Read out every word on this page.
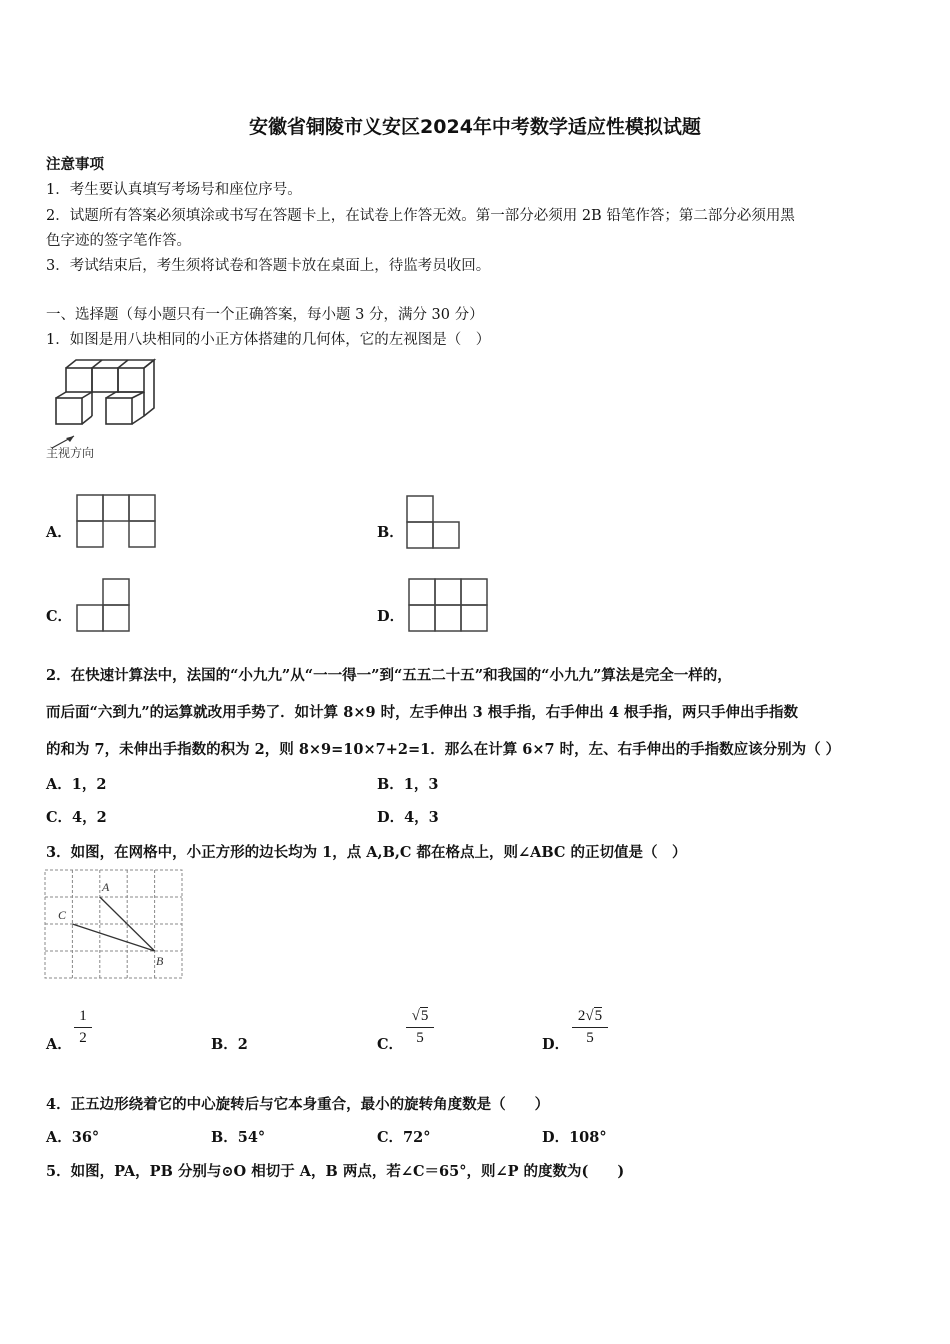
安徽省铜陵市义安区2024年中考数学适应性模拟试题
注意事项
1．考生要认真填写考场号和座位序号。
2．试题所有答案必须填涂或书写在答题卡上，在试卷上作答无效。第一部分必须用 2B 铅笔作答；第二部分必须用黑
色字迹的签字笔作答。
3．考试结束后，考生须将试卷和答题卡放在桌面上，待监考员收回。
一、选择题（每小题只有一个正确答案，每小题 3 分，满分 30 分）
1．如图是用八块相同的小正方体搭建的几何体，它的左视图是（　）
主视方向
A．	B．
C．	D．
2．在快速计算法中，法国的“小九九”从“一一得一”到“五五二十五”和我国的“小九九”算法是完全一样的，
而后面“六到九”的运算就改用手势了．如计算 8×9 时，左手伸出 3 根手指，右手伸出 4 根手指，两只手伸出手指数
的和为 7，未伸出手指数的积为 2，则 8×9=10×7+2=1．那么在计算 6×7 时，左、右手伸出的手指数应该分别为（ ）
A．1，2	B．1，3
C．4，2	D．4，3
3．如图，在网格中，小正方形的边长均为 1，点 A,B,C 都在格点上，则∠ABC 的正切值是（　）
A
C
B
A． $\frac{1}{2}$	B．2	C． $\frac{√5}{5}$	D． $\frac{2√5}{5}$
4．正五边形绕着它的中心旋转后与它本身重合，最小的旋转角度数是（　　）
A．36°	B．54°	C．72°	D．108°
5．如图，PA，PB 分别与⊙O 相切于 A，B 两点，若∠C＝65°，则∠P 的度数为(　　)
